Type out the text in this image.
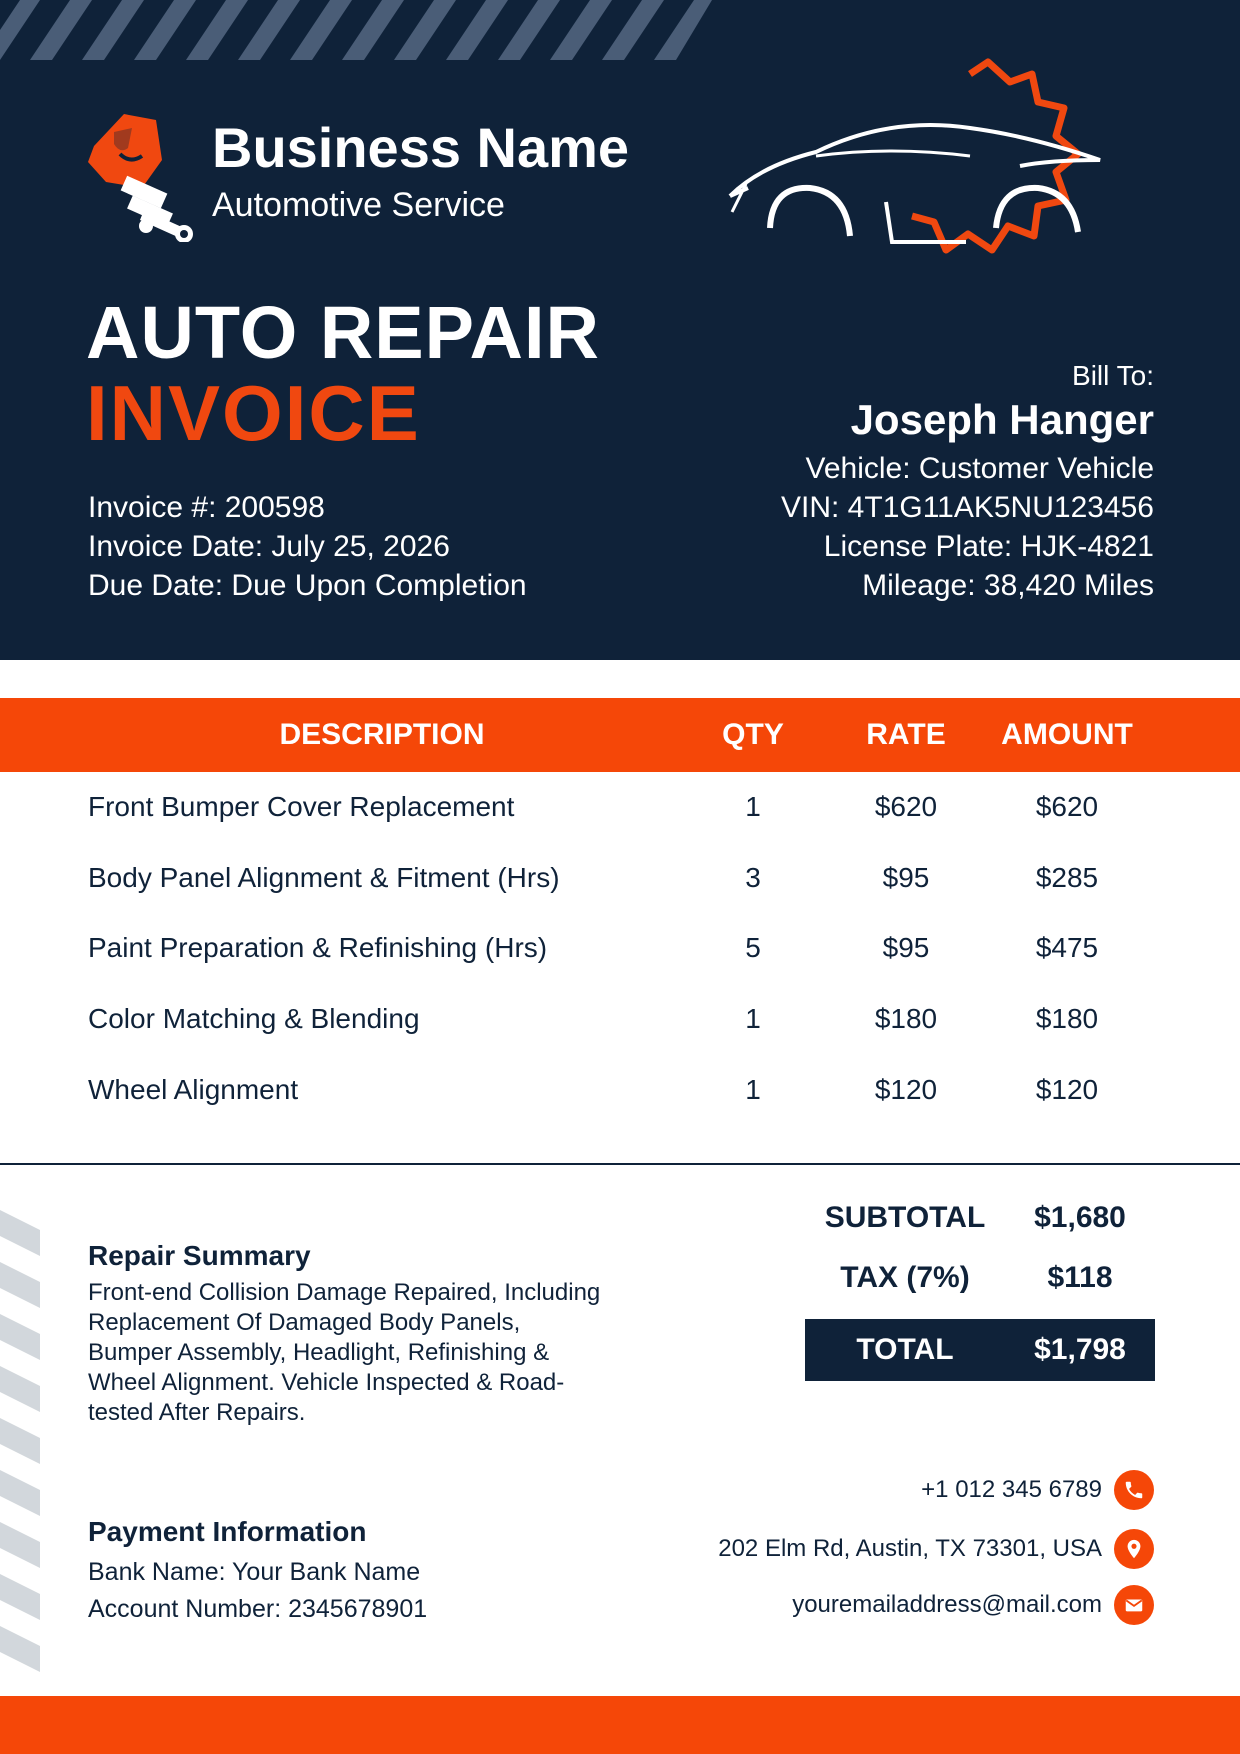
Business Name
Automotive Service
AUTO REPAIR
INVOICE
Invoice #: 200598
Invoice Date: July 25, 2026
Due Date: Due Upon Completion
Bill To:
Joseph Hanger
Vehicle: Customer Vehicle
VIN: 4T1G11AK5NU123456
License Plate: HJK-4821
Mileage: 38,420 Miles
DESCRIPTION	QTY	RATE	AMOUNT
Front Bumper Cover Replacement	1	$620	$620
Body Panel Alignment & Fitment (Hrs)	3	$95	$285
Paint Preparation & Refinishing (Hrs)	5	$95	$475
Color Matching & Blending	1	$180	$180
Wheel Alignment	1	$120	$120
SUBTOTAL	$1,680
TAX (7%)	$118
TOTAL	$1,798
Repair Summary
Front-end Collision Damage Repaired, Including Replacement Of Damaged Body Panels, Bumper Assembly, Headlight, Refinishing & Wheel Alignment. Vehicle Inspected & Road-tested After Repairs.
Payment Information
Bank Name: Your Bank Name
Account Number: 2345678901
+1 012 345 6789
202 Elm Rd, Austin, TX 73301, USA
youremailaddress@mail.com
